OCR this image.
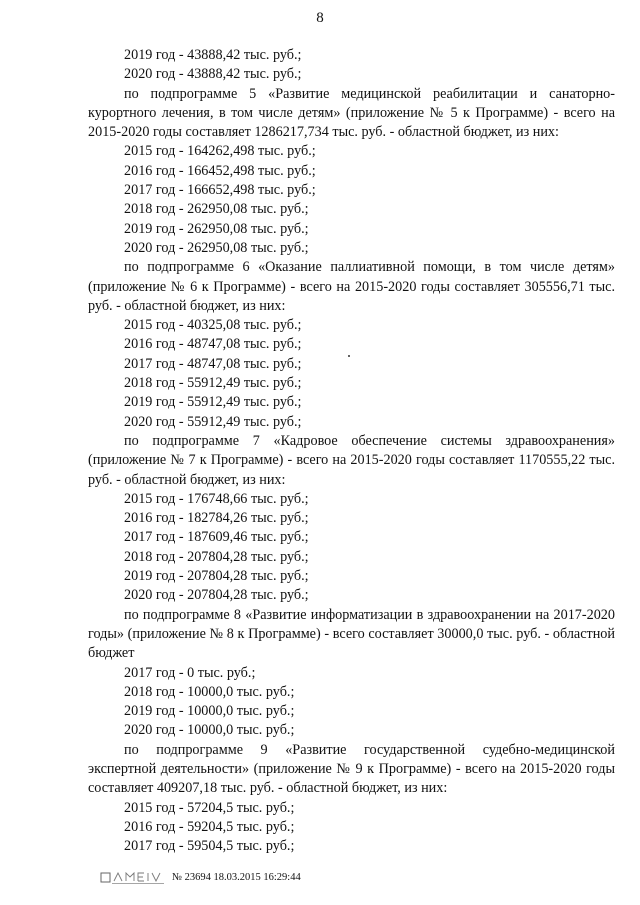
8
2019 год - 43888,42 тыс. руб.;
2020 год - 43888,42 тыс. руб.;
по подпрограмме 5 «Развитие медицинской реабилитации и санаторно-курортного лечения, в том числе детям» (приложение № 5 к Программе) - всего на 2015-2020 годы составляет 1286217,734 тыс. руб. - областной бюджет, из них:
2015 год - 164262,498 тыс. руб.;
2016 год - 166452,498 тыс. руб.;
2017 год - 166652,498 тыс. руб.;
2018 год - 262950,08 тыс. руб.;
2019 год - 262950,08 тыс. руб.;
2020 год - 262950,08 тыс. руб.;
по подпрограмме 6 «Оказание паллиативной помощи, в том числе детям» (приложение № 6 к Программе) - всего на 2015-2020 годы составляет 305556,71 тыс. руб. - областной бюджет, из них:
2015 год - 40325,08 тыс. руб.;
2016 год - 48747,08 тыс. руб.;
2017 год - 48747,08 тыс. руб.;
2018 год - 55912,49 тыс. руб.;
2019 год - 55912,49 тыс. руб.;
2020 год - 55912,49 тыс. руб.;
по подпрограмме 7 «Кадровое обеспечение системы здравоохранения» (приложение № 7 к Программе) - всего на 2015-2020 годы составляет 1170555,22 тыс. руб. - областной бюджет, из них:
2015 год - 176748,66 тыс. руб.;
2016 год - 182784,26 тыс. руб.;
2017 год - 187609,46 тыс. руб.;
2018 год - 207804,28 тыс. руб.;
2019 год - 207804,28 тыс. руб.;
2020 год - 207804,28 тыс. руб.;
по подпрограмме 8 «Развитие информатизации в здравоохранении на 2017-2020 годы» (приложение № 8 к Программе) - всего составляет 30000,0 тыс. руб. - областной бюджет
2017 год - 0 тыс. руб.;
2018 год - 10000,0 тыс. руб.;
2019 год - 10000,0 тыс. руб.;
2020 год - 10000,0 тыс. руб.;
по подпрограмме 9 «Развитие государственной судебно-медицинской экспертной деятельности» (приложение № 9 к Программе) - всего на 2015-2020 годы составляет 409207,18 тыс. руб. - областной бюджет, из них:
2015 год - 57204,5 тыс. руб.;
2016 год - 59204,5 тыс. руб.;
2017 год - 59504,5 тыс. руб.;
№ 23694 18.03.2015 16:29:44
